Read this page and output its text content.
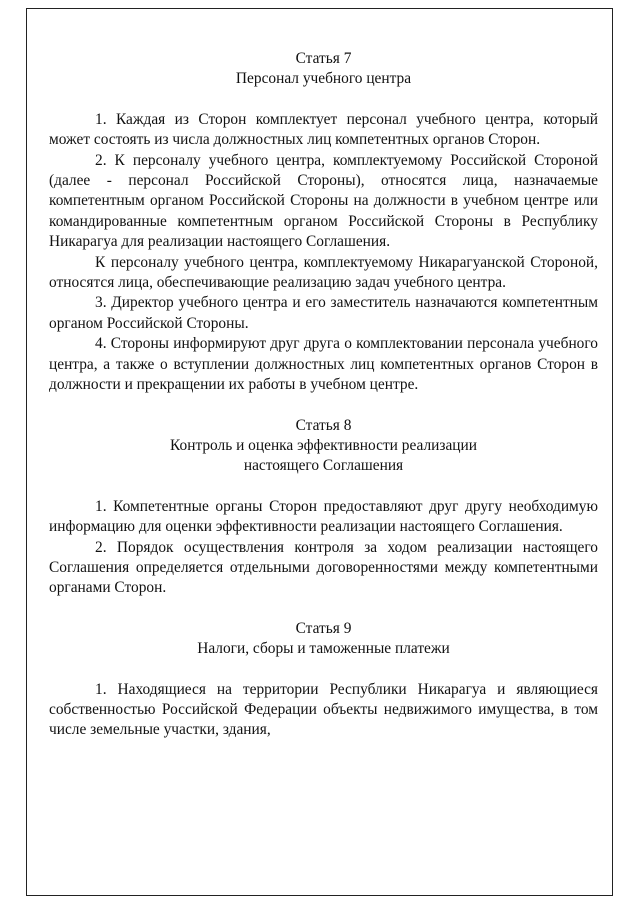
Статья 7
Персонал учебного центра

1. Каждая из Сторон комплектует персонал учебного центра, который может состоять из числа должностных лиц компетентных органов Сторон.

2. К персоналу учебного центра, комплектуемому Российской Стороной (далее - персонал Российской Стороны), относятся лица, назначаемые компетентным органом Российской Стороны на должности в учебном центре или командированные компетентным органом Российской Стороны в Республику Никарагуа для реализации настоящего Соглашения.

К персоналу учебного центра, комплектуемому Никарагуанской Стороной, относятся лица, обеспечивающие реализацию задач учебного центра.

3. Директор учебного центра и его заместитель назначаются компетентным органом Российской Стороны.

4. Стороны информируют друг друга о комплектовании персонала учебного центра, а также о вступлении должностных лиц компетентных органов Сторон в должности и прекращении их работы в учебном центре.

Статья 8
Контроль и оценка эффективности реализации
настоящего Соглашения

1. Компетентные органы Сторон предоставляют друг другу необходимую информацию для оценки эффективности реализации настоящего Соглашения.

2. Порядок осуществления контроля за ходом реализации настоящего Соглашения определяется отдельными договоренностями между компетентными органами Сторон.

Статья 9
Налоги, сборы и таможенные платежи

1. Находящиеся на территории Республики Никарагуа и являющиеся собственностью Российской Федерации объекты недвижимого имущества, в том числе земельные участки, здания,
